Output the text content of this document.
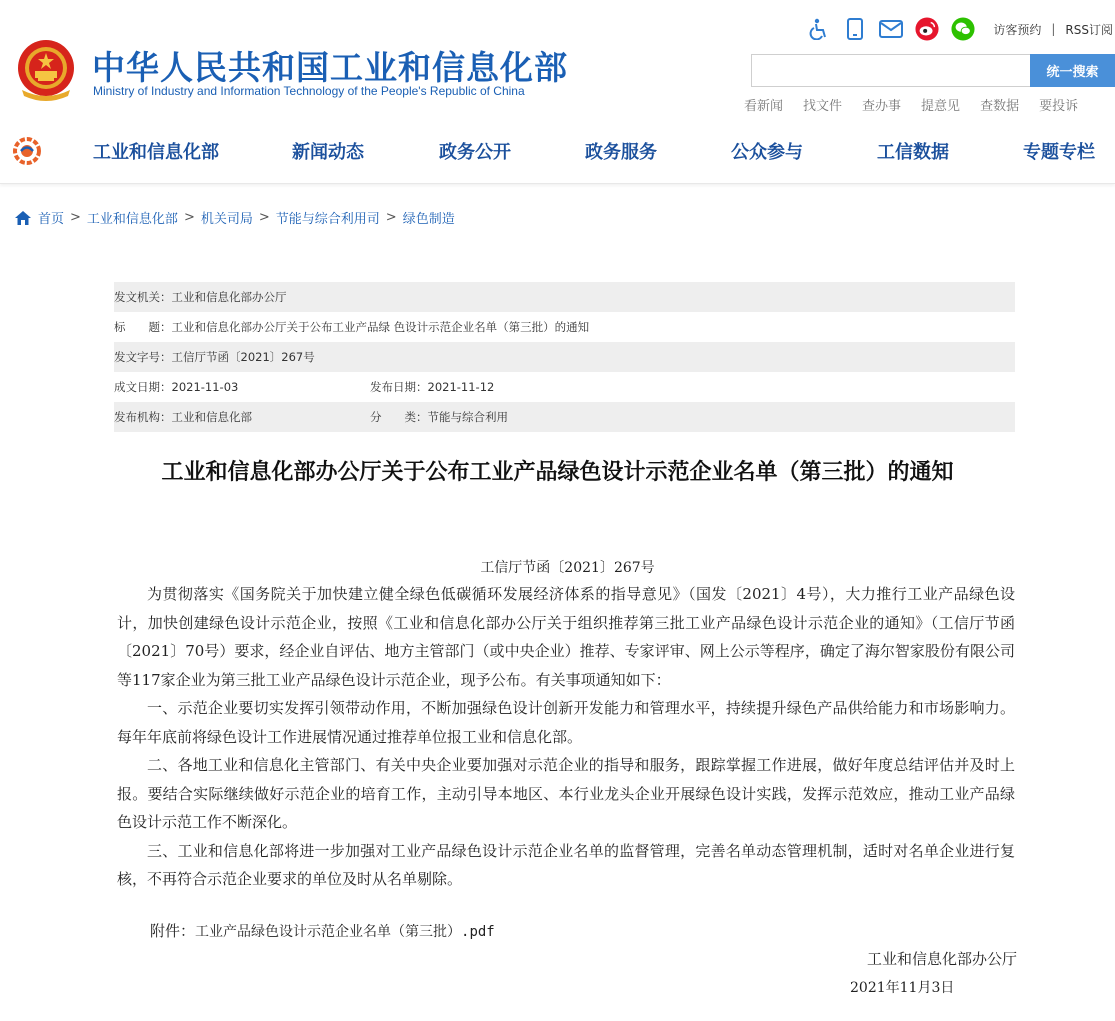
中华人民共和国工业和信息化部
Ministry of Industry and Information Technology of the People's Republic of China
访客预约 | RSS订阅
统一搜索
看新闻 找文件 查办事 提意见 查数据 要投诉
工业和信息化部	新闻动态	政务公开	政务服务	公众参与	工信数据	专题专栏
首页 > 工业和信息化部 > 机关司局 > 节能与综合利用司 > 绿色制造
发文机关： 工业和信息化部办公厅
标　　题： 工业和信息化部办公厅关于公布工业产品绿 色设计示范企业名单（第三批）的通知
发文字号： 工信厅节函〔2021〕267号
成文日期： 2021-11-03	发布日期： 2021-11-12
发布机构： 工业和信息化部	分　　类： 节能与综合利用
工业和信息化部办公厅关于公布工业产品绿色设计示范企业名单（第三批）的通知
工信厅节函〔2021〕267号

为贯彻落实《国务院关于加快建立健全绿色低碳循环发展经济体系的指导意见》（国发〔2021〕4号），大力推行工业产品绿色设计，加快创建绿色设计示范企业，按照《工业和信息化部办公厅关于组织推荐第三批工业产品绿色设计示范企业的通知》（工信厅节函〔2021〕70号）要求，经企业自评估、地方主管部门（或中央企业）推荐、专家评审、网上公示等程序，确定了海尔智家股份有限公司等117家企业为第三批工业产品绿色设计示范企业，现予公布。有关事项通知如下：

一、示范企业要切实发挥引领带动作用，不断加强绿色设计创新开发能力和管理水平，持续提升绿色产品供给能力和市场影响力。每年年底前将绿色设计工作进展情况通过推荐单位报工业和信息化部。

二、各地工业和信息化主管部门、有关中央企业要加强对示范企业的指导和服务，跟踪掌握工作进展，做好年度总结评估并及时上报。要结合实际继续做好示范企业的培育工作，主动引导本地区、本行业龙头企业开展绿色设计实践，发挥示范效应，推动工业产品绿色设计示范工作不断深化。

三、工业和信息化部将进一步加强对工业产品绿色设计示范企业名单的监督管理，完善名单动态管理机制，适时对名单企业进行复核，不再符合示范企业要求的单位及时从名单剔除。

附件：工业产品绿色设计示范企业名单（第三批）.pdf
工业和信息化部办公厅
2021年11月3日
